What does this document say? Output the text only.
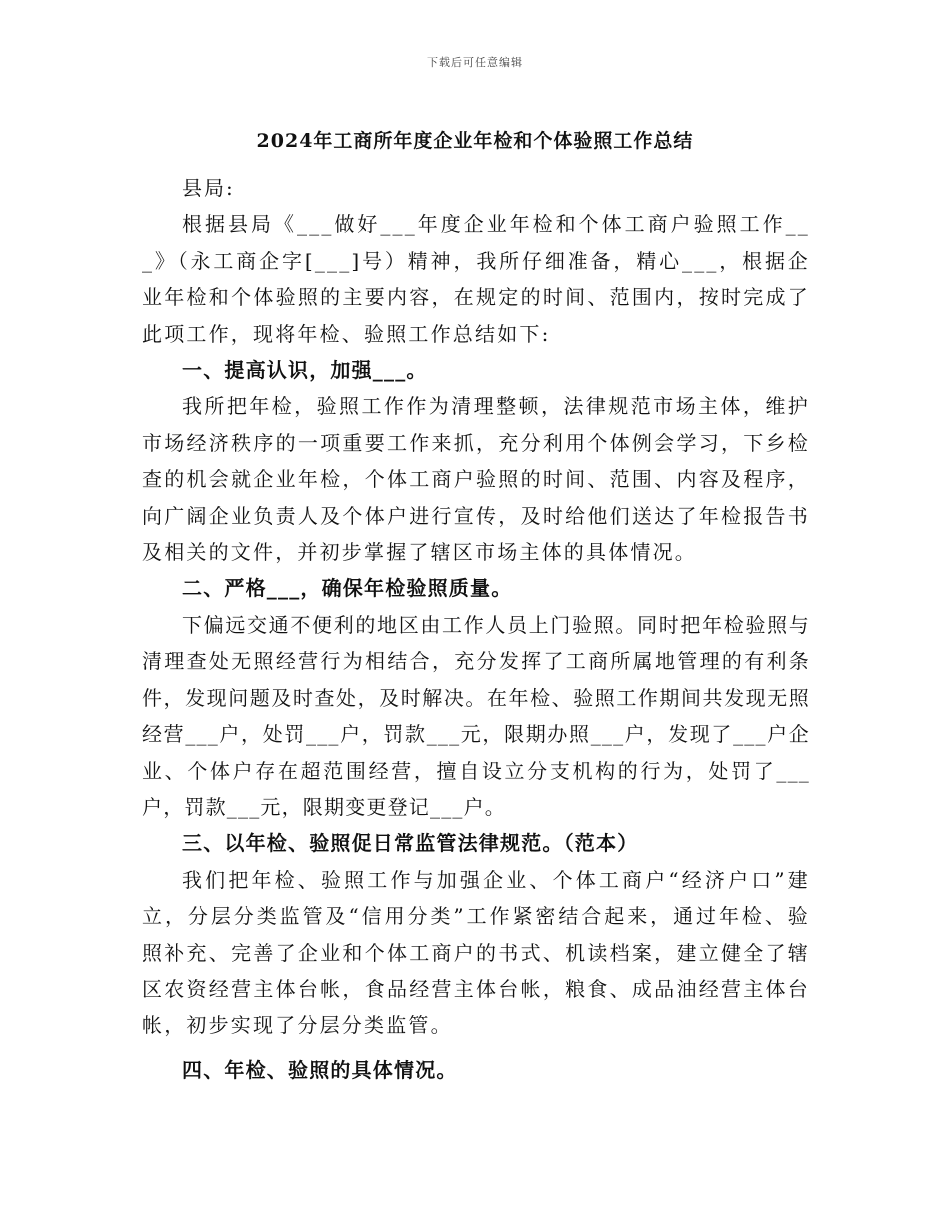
下载后可任意编辑
2024年工商所年度企业年检和个体验照工作总结

县局:

根据县局《___做好___年度企业年检和个体工商户验照工作___》（永工商企字[___]号）精神，我所仔细准备，精心___，根据企业年检和个体验照的主要内容，在规定的时间、范围内，按时完成了此项工作，现将年检、验照工作总结如下:

一、提高认识，加强___。

我所把年检，验照工作作为清理整顿，法律规范市场主体，维护市场经济秩序的一项重要工作来抓，充分利用个体例会学习，下乡检查的机会就企业年检，个体工商户验照的时间、范围、内容及程序，向广阔企业负责人及个体户进行宣传，及时给他们送达了年检报告书及相关的文件，并初步掌握了辖区市场主体的具体情况。

二、严格___，确保年检验照质量。

下偏远交通不便利的地区由工作人员上门验照。同时把年检验照与清理查处无照经营行为相结合，充分发挥了工商所属地管理的有利条件，发现问题及时查处，及时解决。在年检、验照工作期间共发现无照经营___户，处罚___户，罚款___元，限期办照___户，发现了___户企业、个体户存在超范围经营，擅自设立分支机构的行为，处罚了___户，罚款___元，限期变更登记___户。

三、以年检、验照促日常监管法律规范。（范本）

我们把年检、验照工作与加强企业、个体工商户“经济户口”建立，分层分类监管及“信用分类”工作紧密结合起来，通过年检、验照补充、完善了企业和个体工商户的书式、机读档案，建立健全了辖区农资经营主体台帐，食品经营主体台帐，粮食、成品油经营主体台帐，初步实现了分层分类监管。

四、年检、验照的具体情况。
